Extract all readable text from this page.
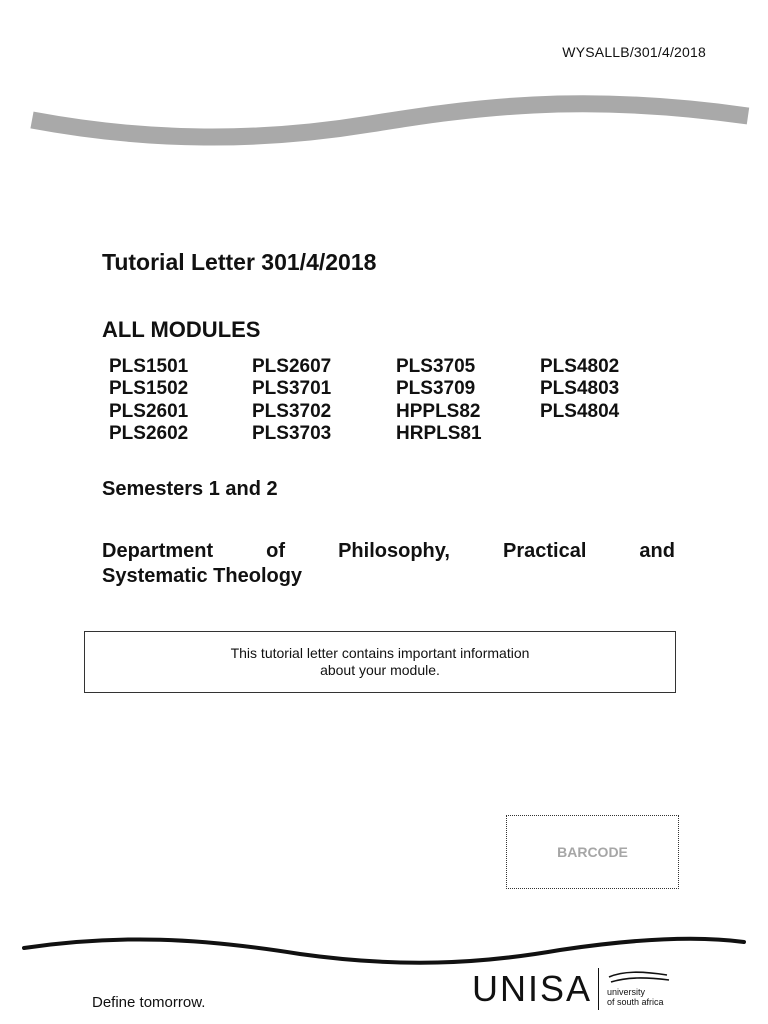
WYSALLB/301/4/2018
Tutorial Letter 301/4/2018
ALL MODULES
PLS1501	PLS2607	PLS3705	PLS4802
PLS1502	PLS3701	PLS3709	PLS4803
PLS2601	PLS3702	HPPLS82	PLS4804
PLS2602	PLS3703	HRPLS81
Semesters 1 and 2
Department	of	Philosophy,	Practical	and
Systematic Theology
This tutorial letter contains important information
about your module.
BARCODE
Define tomorrow.	UNISA university
of south africa
